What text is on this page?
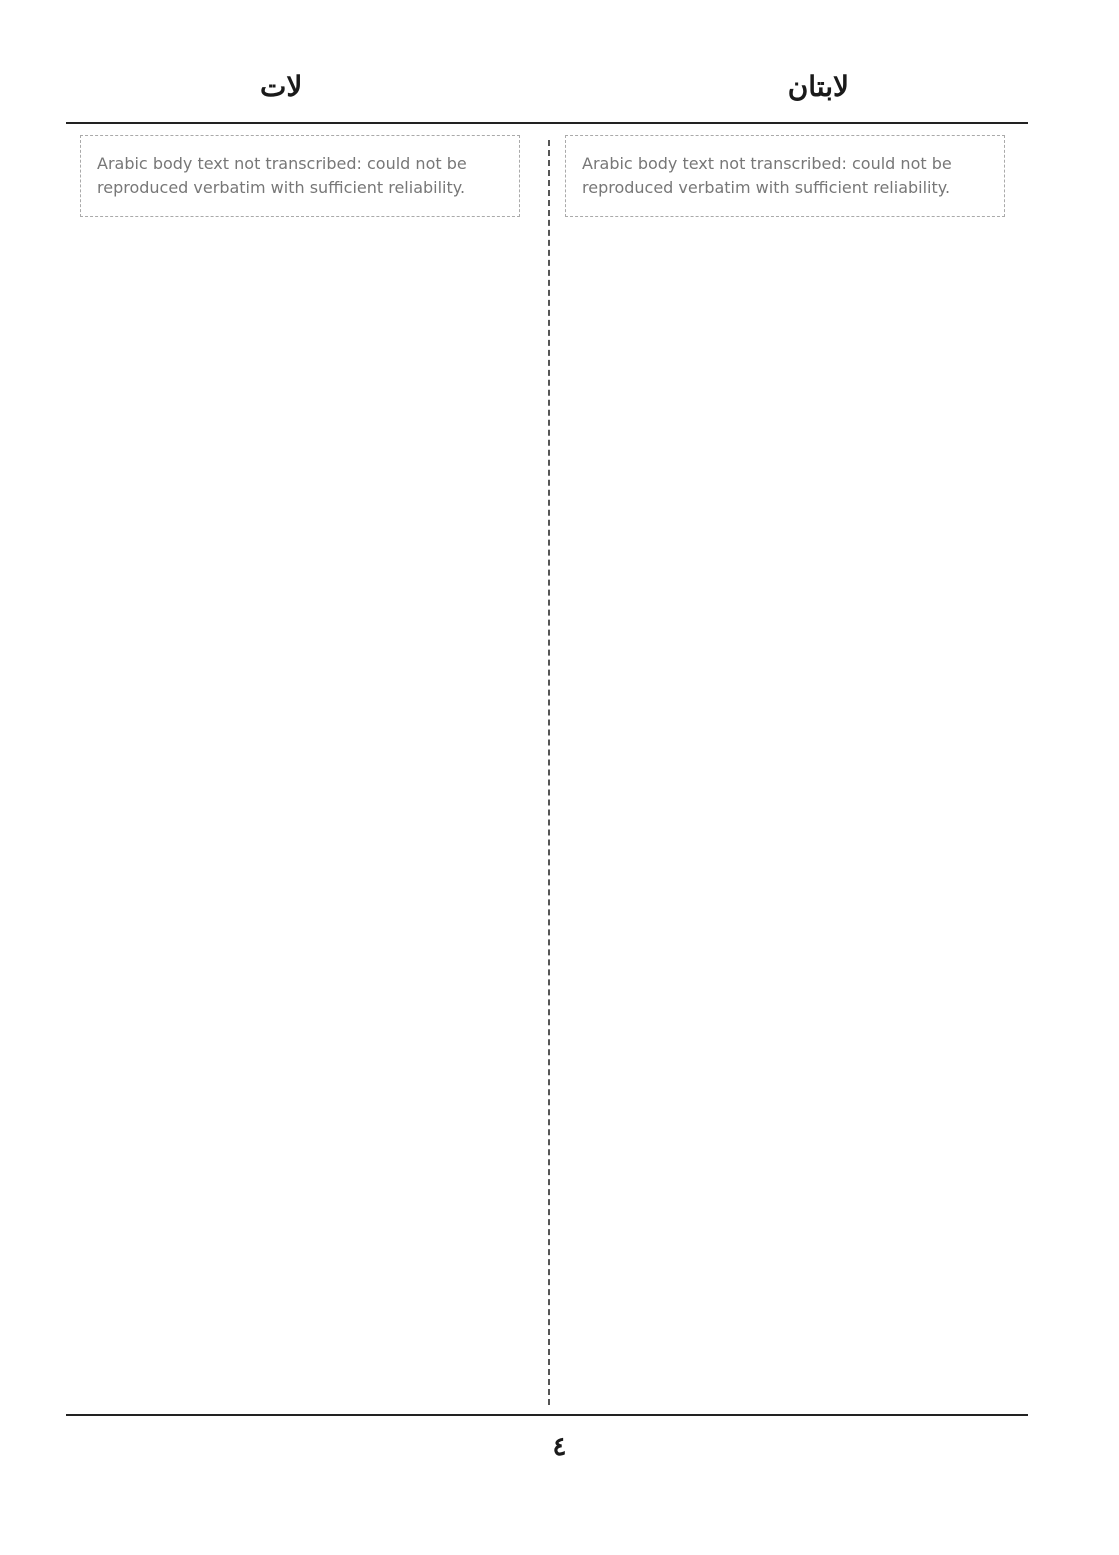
لابتان
لات
Arabic body text not transcribed: could not be reproduced verbatim with sufficient reliability.
Arabic body text not transcribed: could not be reproduced verbatim with sufficient reliability.
٤
